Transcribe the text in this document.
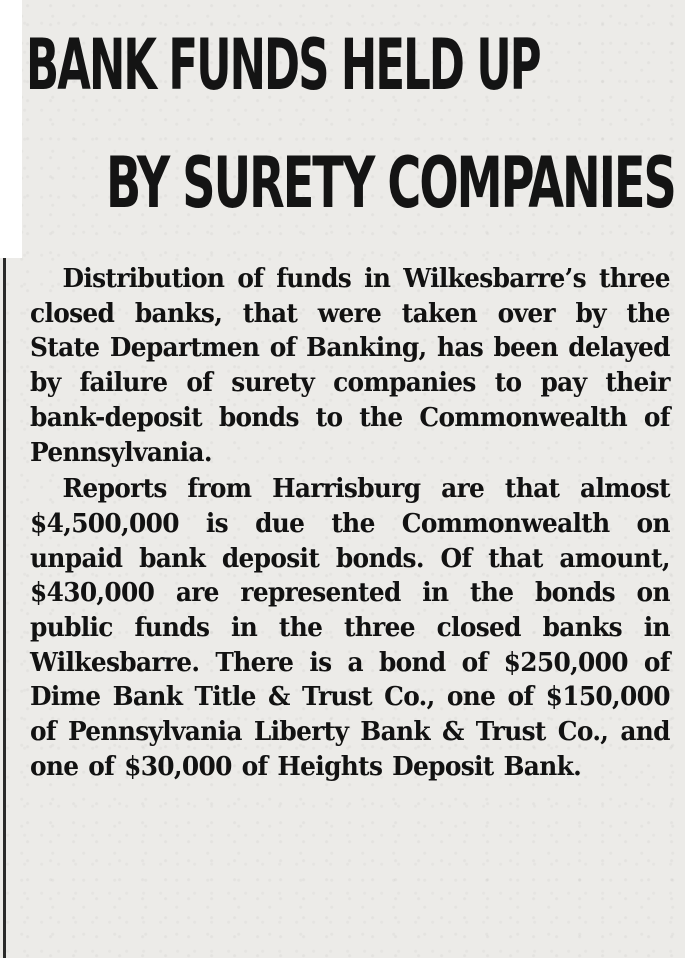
BANK FUNDS HELD UP
BY SURETY COMPANIES

Distribution of funds in Wilkesbarre’s three closed banks, that were taken over by the State Departmen of Banking, has been delayed by failure of surety companies to pay their bank-deposit bonds to the Commonwealth of Pennsylvania.

Reports from Harrisburg are that almost $4,500,000 is due the Commonwealth on unpaid bank deposit bonds. Of that amount, $430,000 are represented in the bonds on public funds in the three closed banks in Wilkesbarre. There is a bond of $250,000 of Dime Bank Title & Trust Co., one of $150,000 of Pennsylvania Liberty Bank & Trust Co., and one of $30,000 of Heights Deposit Bank.
